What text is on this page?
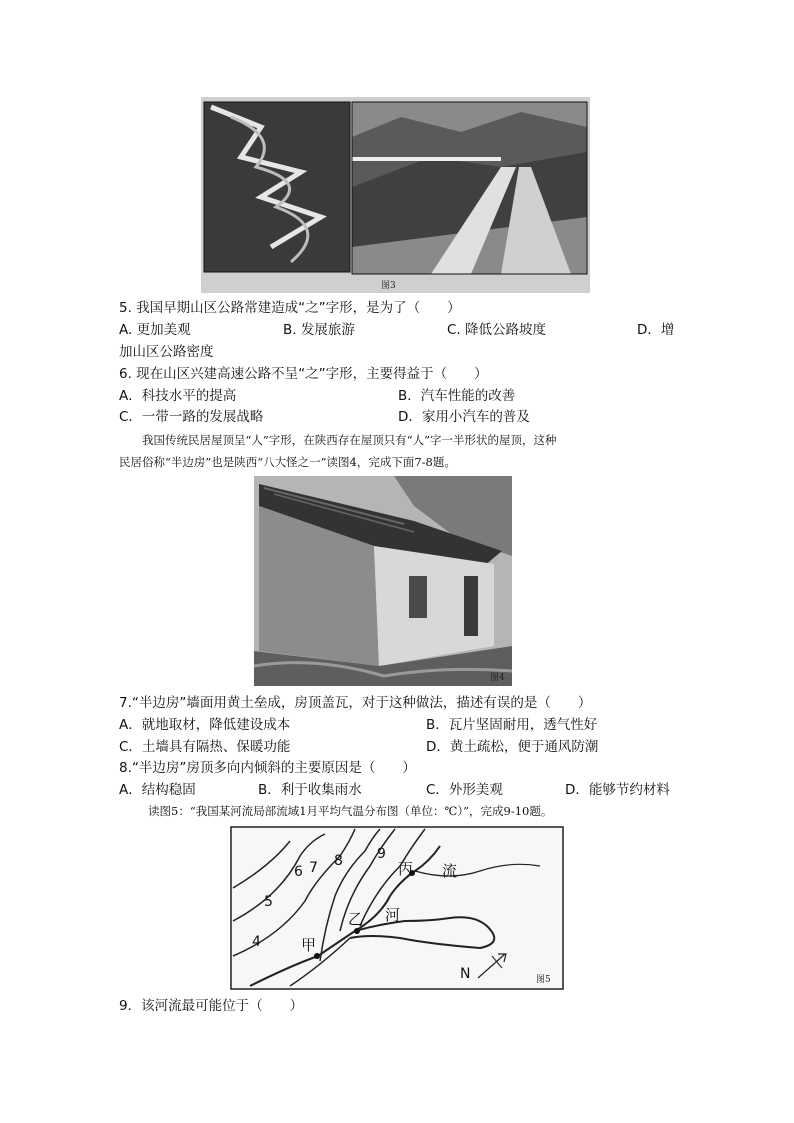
图3
5. 我国早期山区公路常建造成“之”字形，是为了（　　）
A. 更加美观	B. 发展旅游	C. 降低公路坡度	D．增
加山区公路密度
6. 现在山区兴建高速公路不呈“之”字形，主要得益于（　　）
A．科技水平的提高	B．汽车性能的改善
C．一带一路的发展战略	D．家用小汽车的普及
　　我国传统民居屋顶呈“人”字形，在陕西存在屋顶只有“人”字一半形状的屋顶，这种
民居俗称“半边房”也是陕西“八大怪之一”读图4，完成下面7-8题。
图4
7.“半边房”墙面用黄土垒成，房顶盖瓦，对于这种做法，描述有误的是（　　）
A．就地取材，降低建设成本	B．瓦片坚固耐用，透气性好
C．土墙具有隔热、保暖功能	D．黄土疏松，便于通风防潮
8.“半边房”房顶多向内倾斜的主要原因是（　　）
A．结构稳固	B．利于收集雨水	C．外形美观	D．能够节约材料
读图5：“我国某河流局部流域1月平均气温分布图（单位：℃）”，完成9-10题。
4
5
6 7 8 9
甲
乙
丙
河
流
N	图5
9．该河流最可能位于（　　）
